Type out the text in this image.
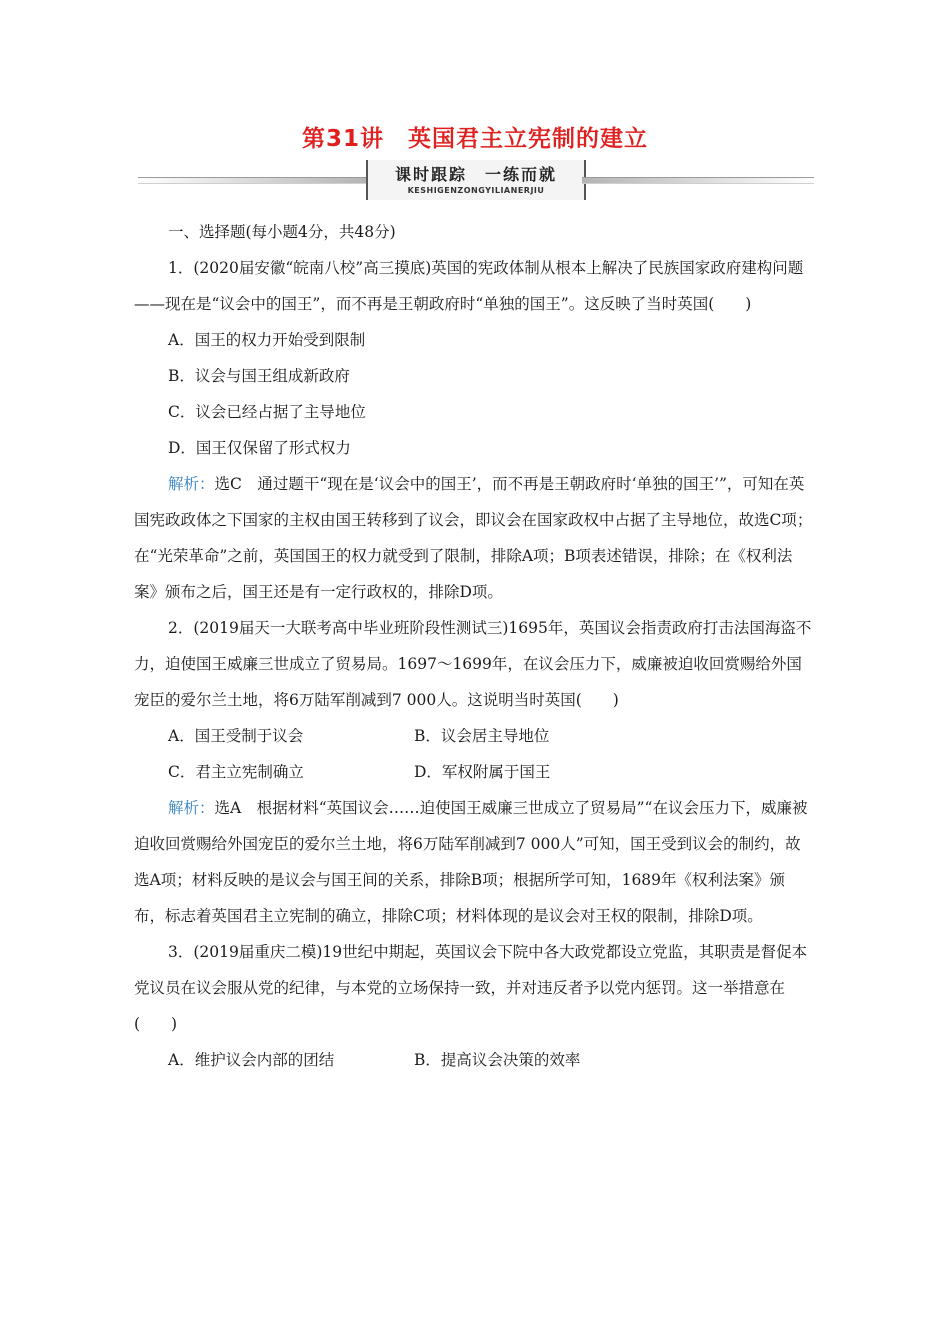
第31讲　英国君主立宪制的建立
课时跟踪　一练而就
KESHIGENZONGYILIANERJIU

一、选择题(每小题4分，共48分)

1．(2020届安徽“皖南八校”高三摸底)英国的宪政体制从根本上解决了民族国家政府建构问题——现在是“议会中的国王”，而不再是王朝政府时“单独的国王”。这反映了当时英国(　　)

A．国王的权力开始受到限制

B．议会与国王组成新政府

C．议会已经占据了主导地位

D．国王仅保留了形式权力

解析：选C　通过题干“现在是‘议会中的国王’，而不再是王朝政府时‘单独的国王’”，可知在英国宪政政体之下国家的主权由国王转移到了议会，即议会在国家政权中占据了主导地位，故选C项；在“光荣革命”之前，英国国王的权力就受到了限制，排除A项；B项表述错误，排除；在《权利法案》颁布之后，国王还是有一定行政权的，排除D项。

2．(2019届天一大联考高中毕业班阶段性测试三)1695年，英国议会指责政府打击法国海盗不力，迫使国王威廉三世成立了贸易局。1697～1699年，在议会压力下，威廉被迫收回赏赐给外国宠臣的爱尔兰土地，将6万陆军削减到7 000人。这说明当时英国(　　)

A．国王受制于议会	B．议会居主导地位
C．君主立宪制确立	D．军权附属于国王

解析：选A　根据材料“英国议会……迫使国王威廉三世成立了贸易局”“在议会压力下，威廉被迫收回赏赐给外国宠臣的爱尔兰土地，将6万陆军削减到7 000人”可知，国王受到议会的制约，故选A项；材料反映的是议会与国王间的关系，排除B项；根据所学可知，1689年《权利法案》颁布，标志着英国君主立宪制的确立，排除C项；材料体现的是议会对王权的限制，排除D项。

3．(2019届重庆二模)19世纪中期起，英国议会下院中各大政党都设立党监，其职责是督促本党议员在议会服从党的纪律，与本党的立场保持一致，并对违反者予以党内惩罚。这一举措意在(　　)

A．维护议会内部的团结	B．提高议会决策的效率
